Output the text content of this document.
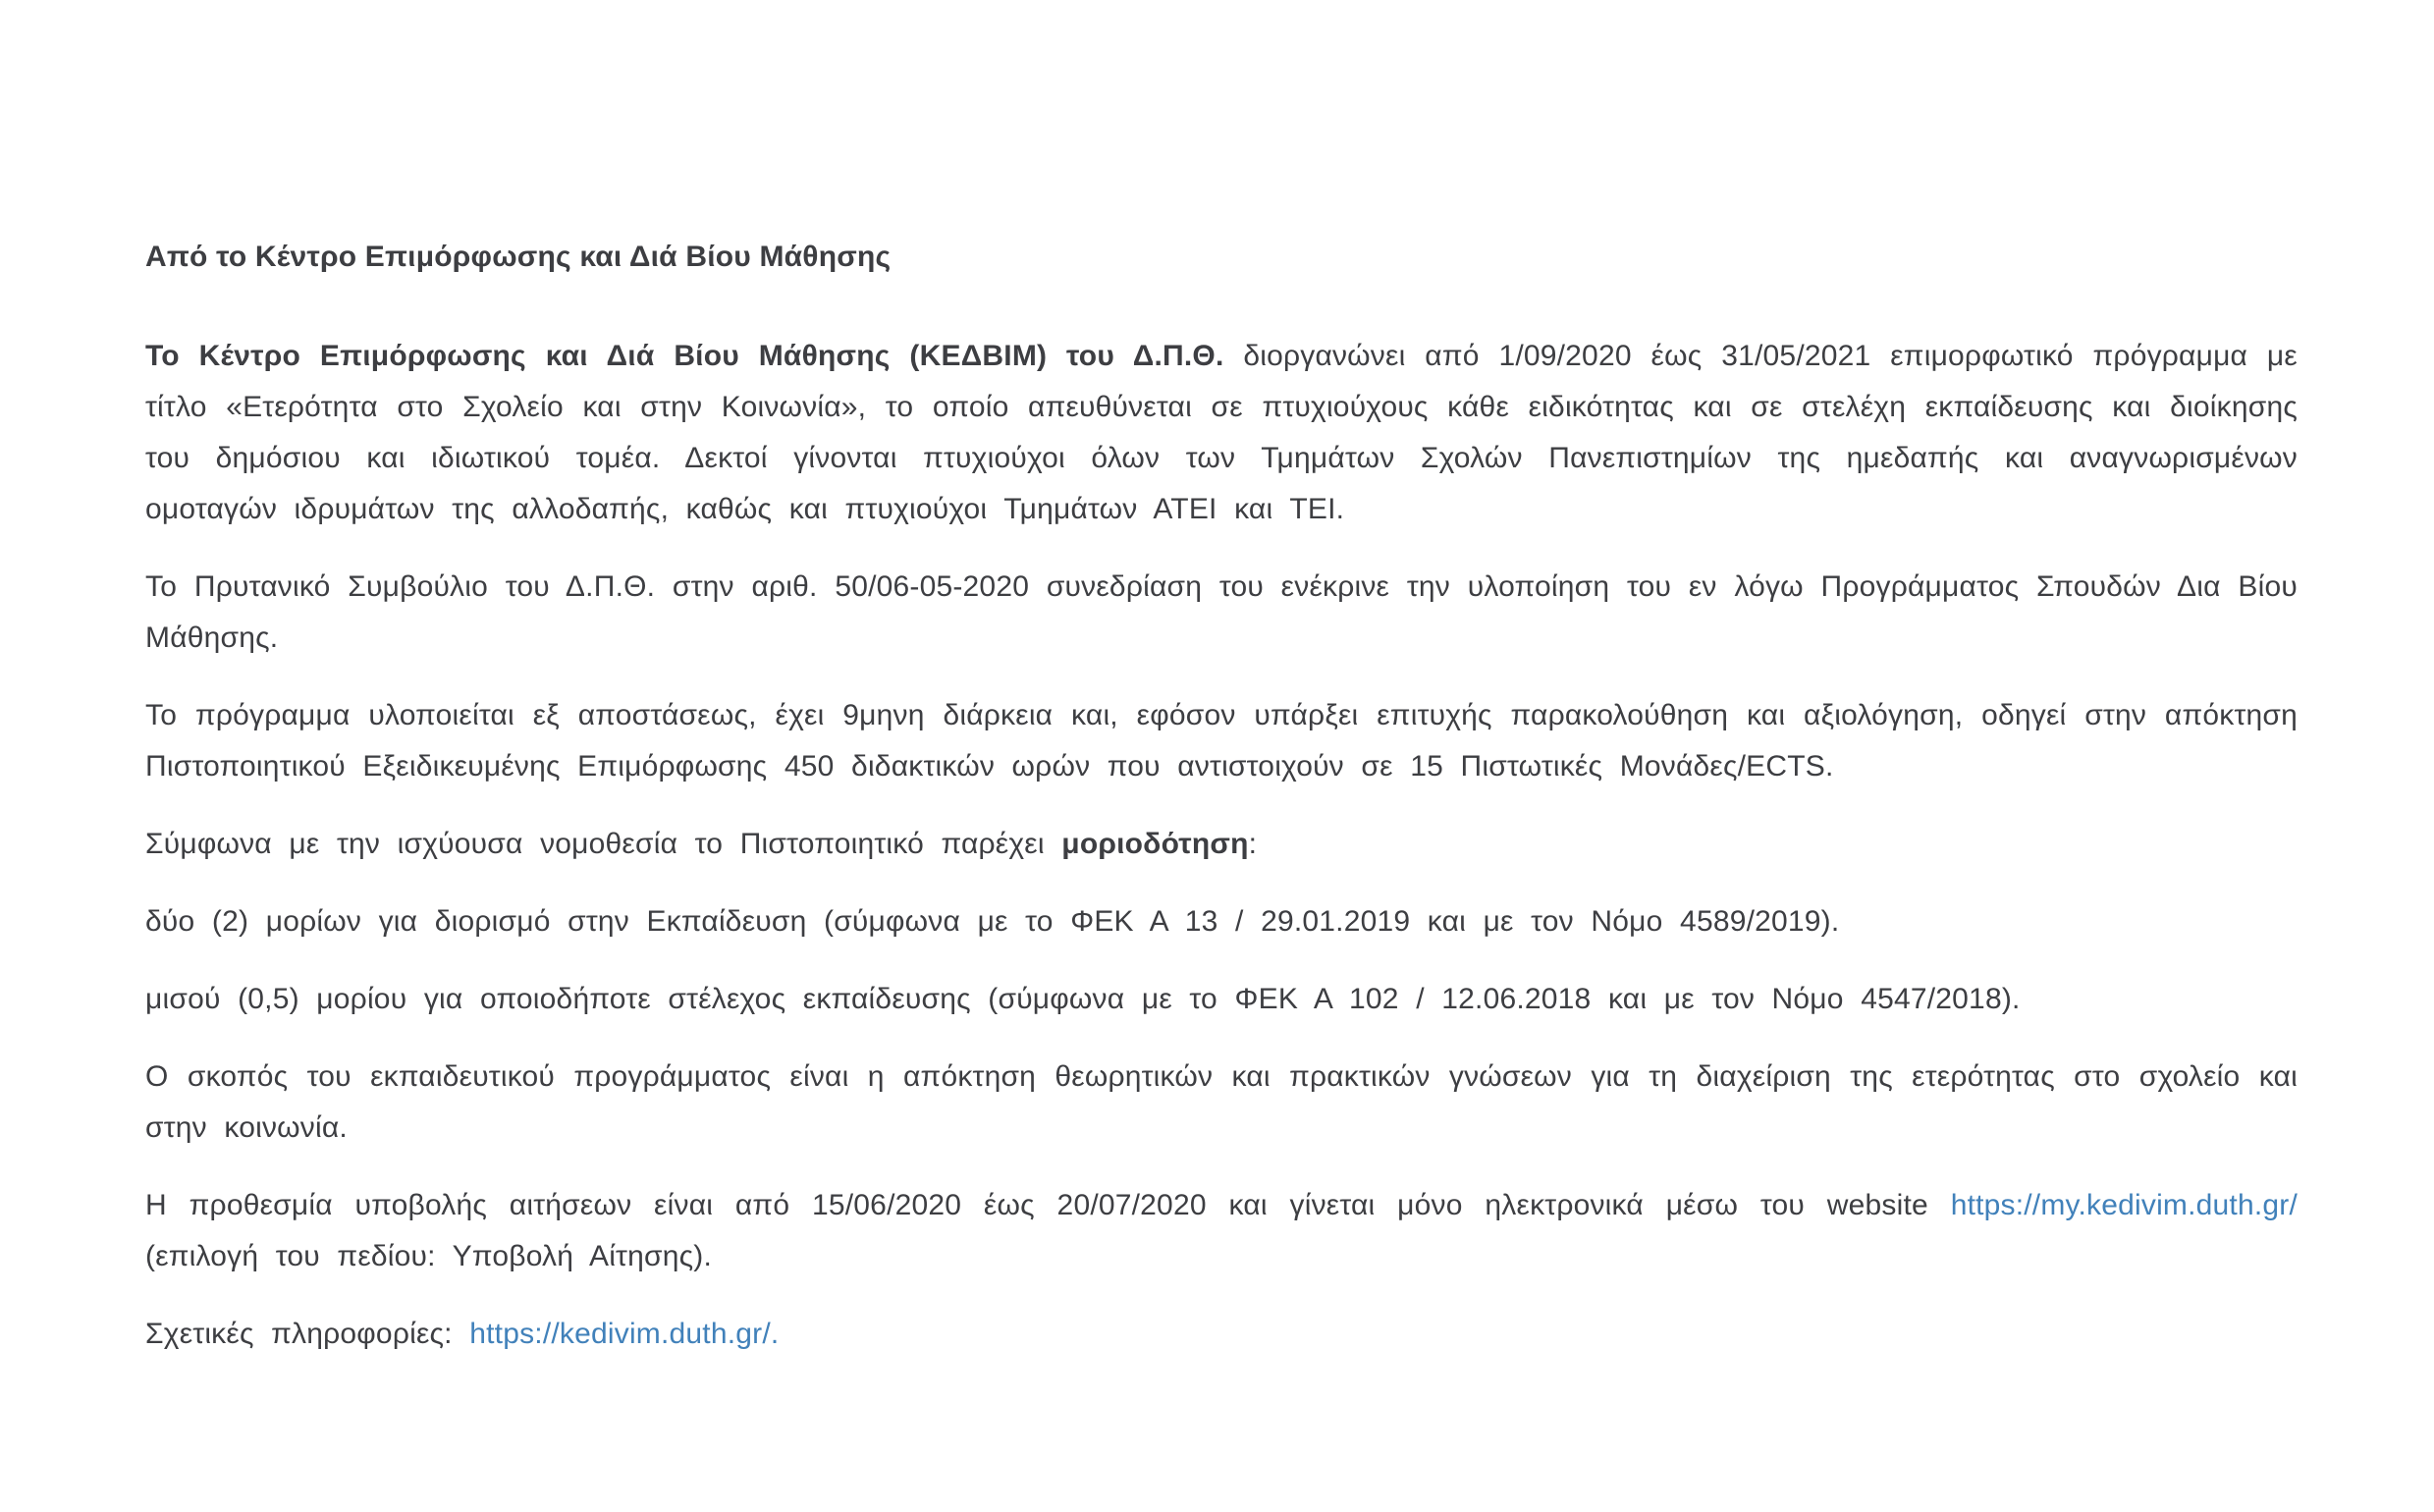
Από το Κέντρο Επιμόρφωσης και Διά Βίου Μάθησης

Το Κέντρο Επιμόρφωσης και Διά Βίου Μάθησης (ΚΕΔΒΙΜ) του Δ.Π.Θ. διοργανώνει από 1/09/2020 έως 31/05/2021 επιμορφωτικό πρόγραμμα με τίτλο «Ετερότητα στο Σχολείο και στην Κοινωνία», το οποίο απευθύνεται σε πτυχιούχους κάθε ειδικότητας και σε στελέχη εκπαίδευσης και διοίκησης του δημόσιου και ιδιωτικού τομέα. Δεκτοί γίνονται πτυχιούχοι όλων των Τμημάτων Σχολών Πανεπιστημίων της ημεδαπής και αναγνωρισμένων ομοταγών ιδρυμάτων της αλλοδαπής, καθώς και πτυχιούχοι Τμημάτων ΑΤΕΙ και ΤΕΙ.

Το Πρυτανικό Συμβούλιο του Δ.Π.Θ. στην αριθ. 50/06-05-2020 συνεδρίαση του ενέκρινε την υλοποίηση του εν λόγω Προγράμματος Σπουδών Δια Βίου Μάθησης.

Το πρόγραμμα υλοποιείται εξ αποστάσεως, έχει 9μηνη διάρκεια και, εφόσον υπάρξει επιτυχής παρακολούθηση και αξιολόγηση, οδηγεί στην απόκτηση Πιστοποιητικού Εξειδικευμένης Επιμόρφωσης 450 διδακτικών ωρών που αντιστοιχούν σε 15 Πιστωτικές Μονάδες/ECTS.

Σύμφωνα με την ισχύουσα νομοθεσία το Πιστοποιητικό παρέχει μοριοδότηση:

δύο (2) μορίων για διορισμό στην Εκπαίδευση (σύμφωνα με το ΦΕΚ Α 13 / 29.01.2019 και με τον Νόμο 4589/2019).

μισού (0,5) μορίου για οποιοδήποτε στέλεχος εκπαίδευσης (σύμφωνα με το ΦΕΚ Α 102 / 12.06.2018 και με τον Νόμο 4547/2018).

Ο σκοπός του εκπαιδευτικού προγράμματος είναι η απόκτηση θεωρητικών και πρακτικών γνώσεων για τη διαχείριση της ετερότητας στο σχολείο και στην κοινωνία.

Η προθεσμία υποβολής αιτήσεων είναι από 15/06/2020 έως 20/07/2020 και γίνεται μόνο ηλεκτρονικά μέσω του website https://my.kedivim.duth.gr/ (επιλογή του πεδίου: Υποβολή Αίτησης).

Σχετικές πληροφορίες: https://kedivim.duth.gr/.
